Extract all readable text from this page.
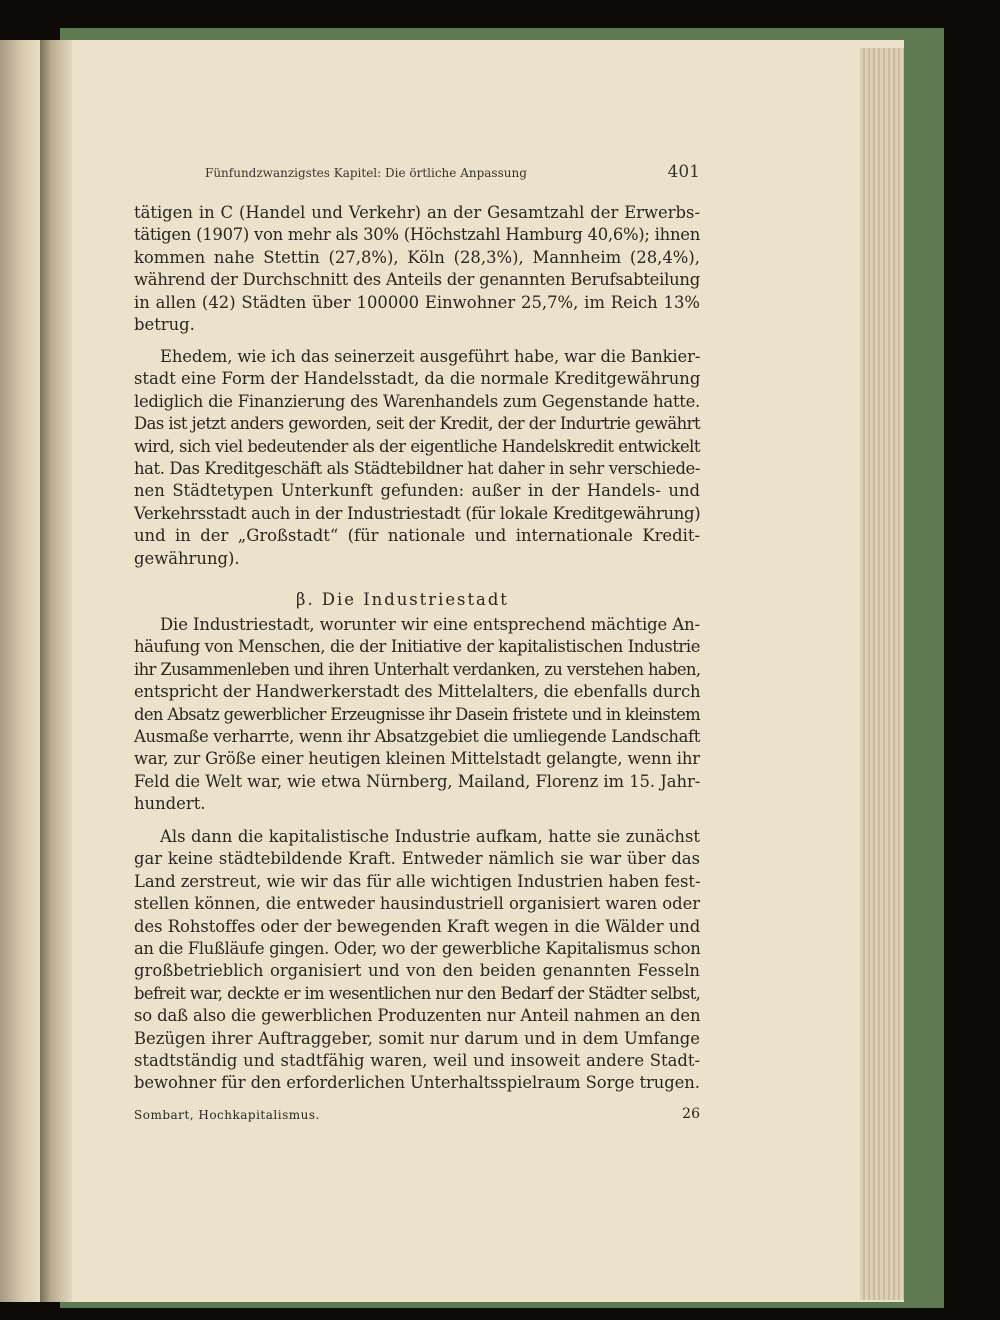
Fünfundzwanzigstes Kapitel: Die örtliche Anpassung	401
tätigen in C (Handel und Verkehr) an der Gesamtzahl der Erwerbs-
tätigen (1907) von mehr als 30% (Höchstzahl Hamburg 40,6%); ihnen
kommen nahe Stettin (27,8%), Köln (28,3%), Mannheim (28,4%),
während der Durchschnitt des Anteils der genannten Berufsabteilung
in allen (42) Städten über 100000 Einwohner 25,7%, im Reich 13%
betrug.
Ehedem, wie ich das seinerzeit ausgeführt habe, war die Bankier-
stadt eine Form der Handelsstadt, da die normale Kreditgewährung
lediglich die Finanzierung des Warenhandels zum Gegenstande hatte.
Das ist jetzt anders geworden, seit der Kredit, der der Indurtrie gewährt
wird, sich viel bedeutender als der eigentliche Handelskredit entwickelt
hat. Das Kreditgeschäft als Städtebildner hat daher in sehr verschiede-
nen Städtetypen Unterkunft gefunden: außer in der Handels- und
Verkehrsstadt auch in der Industriestadt (für lokale Kreditgewährung)
und in der „Großstadt“ (für nationale und internationale Kredit-
gewährung).
β. Die Industriestadt
Die Industriestadt, worunter wir eine entsprechend mächtige An-
häufung von Menschen, die der Initiative der kapitalistischen Industrie
ihr Zusammenleben und ihren Unterhalt verdanken, zu verstehen haben,
entspricht der Handwerkerstadt des Mittelalters, die ebenfalls durch
den Absatz gewerblicher Erzeugnisse ihr Dasein fristete und in kleinstem
Ausmaße verharrte, wenn ihr Absatzgebiet die umliegende Landschaft
war, zur Größe einer heutigen kleinen Mittelstadt gelangte, wenn ihr
Feld die Welt war, wie etwa Nürnberg, Mailand, Florenz im 15. Jahr-
hundert.
Als dann die kapitalistische Industrie aufkam, hatte sie zunächst
gar keine städtebildende Kraft. Entweder nämlich sie war über das
Land zerstreut, wie wir das für alle wichtigen Industrien haben fest-
stellen können, die entweder hausindustriell organisiert waren oder
des Rohstoffes oder der bewegenden Kraft wegen in die Wälder und
an die Flußläufe gingen. Oder, wo der gewerbliche Kapitalismus schon
großbetrieblich organisiert und von den beiden genannten Fesseln
befreit war, deckte er im wesentlichen nur den Bedarf der Städter selbst,
so daß also die gewerblichen Produzenten nur Anteil nahmen an den
Bezügen ihrer Auftraggeber, somit nur darum und in dem Umfange
stadtständig und stadtfähig waren, weil und insoweit andere Stadt-
bewohner für den erforderlichen Unterhaltsspielraum Sorge trugen.
Sombart, Hochkapitalismus.	26
